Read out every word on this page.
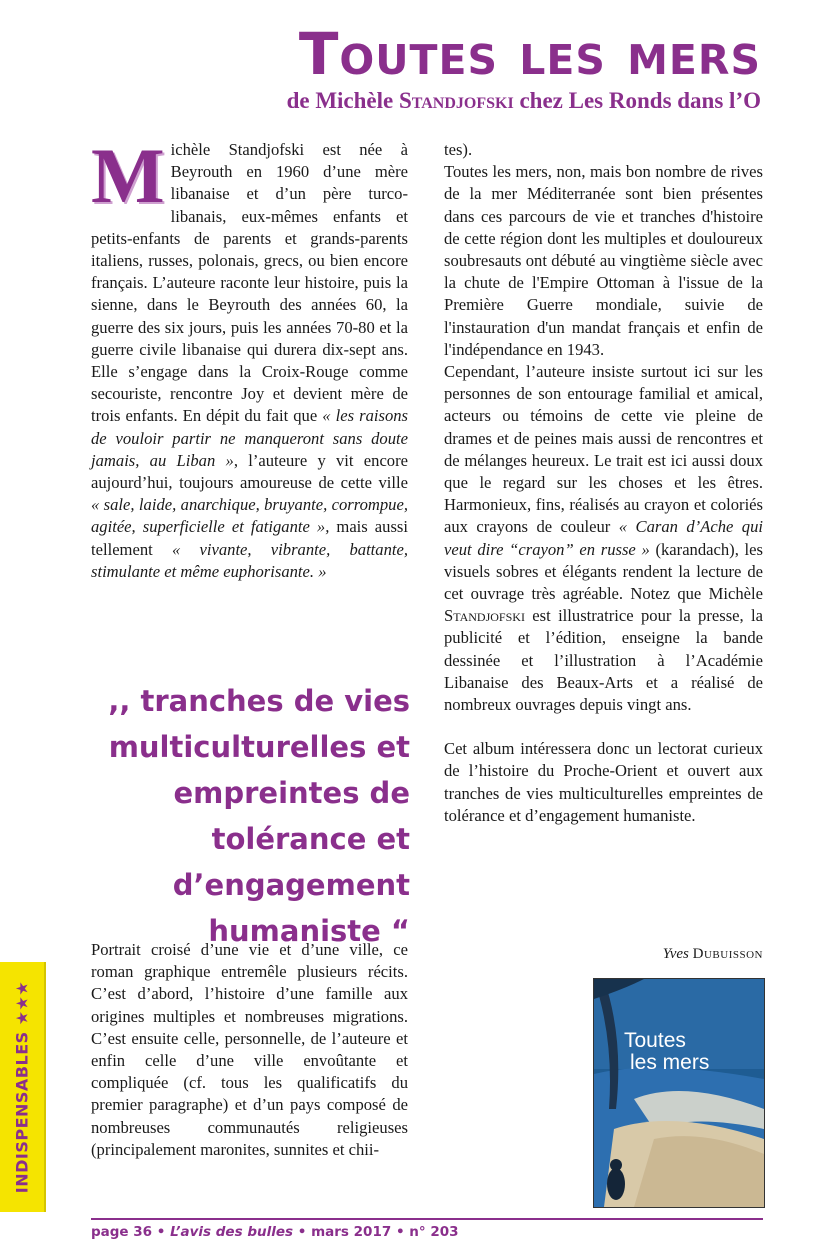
Toutes les mers
de Michèle Standjofski chez Les Ronds dans l’O

Michèle Standjofski est née à Beyrouth en 1960 d’une mère libanaise et d’un père turco-libanais, eux-mêmes enfants et petits-enfants de parents et grands-parents italiens, russes, polonais, grecs, ou bien encore français. L’auteure raconte leur histoire, puis la sienne, dans le Beyrouth des années 60, la guerre des six jours, puis les années 70-80 et la guerre civile libanaise qui durera dix-sept ans. Elle s’engage dans la Croix-Rouge comme secouriste, rencontre Joy et devient mère de trois enfants. En dépit du fait que « les raisons de vouloir partir ne manqueront sans doute jamais, au Liban », l’auteure y vit encore aujourd’hui, toujours amoureuse de cette ville « sale, laide, anarchique, bruyante, corrompue, agitée, superficielle et fatigante », mais aussi tellement « vivante, vibrante, battante, stimulante et même euphorisante. »

,, tranches de vies multiculturelles et empreintes de tolérance et d’engagement humaniste “

Portrait croisé d’une vie et d’une ville, ce roman graphique entremêle plusieurs récits. C’est d’abord, l’histoire d’une famille aux origines multiples et nombreuses migrations. C’est ensuite celle, personnelle, de l’auteure et enfin celle d’une ville envoûtante et compliquée (cf. tous les qualificatifs du premier paragraphe) et d’un pays composé de nombreuses communautés religieuses (principalement maronites, sunnites et chii-

tes).

Toutes les mers, non, mais bon nombre de rives de la mer Méditerranée sont bien présentes dans ces parcours de vie et tranches d'histoire de cette région dont les multiples et douloureux soubresauts ont débuté au vingtième siècle avec la chute de l'Empire Ottoman à l'issue de la Première Guerre mondiale, suivie de l'instauration d'un mandat français et enfin de l'indépendance en 1943.

Cependant, l’auteure insiste surtout ici sur les personnes de son entourage familial et amical, acteurs ou témoins de cette vie pleine de drames et de peines mais aussi de rencontres et de mélanges heureux. Le trait est ici aussi doux que le regard sur les choses et les êtres. Harmonieux, fins, réalisés au crayon et coloriés aux crayons de couleur « Caran d’Ache qui veut dire “crayon” en russe » (karandach), les visuels sobres et élégants rendent la lecture de cet ouvrage très agréable. Notez que Michèle Standjofski est illustratrice pour la presse, la publicité et l’édition, enseigne la bande dessinée et l’illustration à l’Académie Libanaise des Beaux-Arts et a réalisé de nombreux ouvrages depuis vingt ans.

Cet album intéressera donc un lectorat curieux de l’histoire du Proche-Orient et ouvert aux tranches de vies multiculturelles empreintes de tolérance et d’engagement humaniste.

Yves Dubuisson
INDISPENSABLES ★★★	Toutes
les mers
page 36 • L’avis des bulles • mars 2017 • n° 203
